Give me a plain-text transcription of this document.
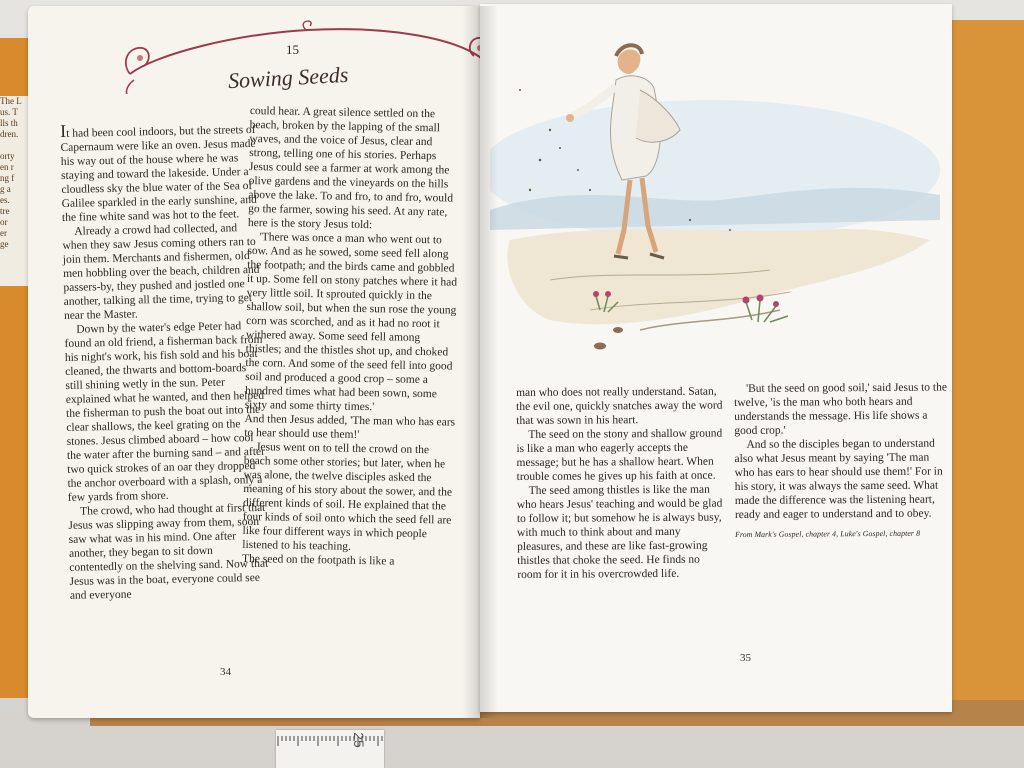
The L
us. T
lls th
dren.

orty
en r
ng f
g a
es.
tre
or
er
ge
15
Sowing Seeds

It had been cool indoors, but the streets of Capernaum were like an oven. Jesus made his way out of the house where he was staying and toward the lakeside. Under a cloudless sky the blue water of the Sea of Galilee sparkled in the early sunshine, and the fine white sand was hot to the feet.

Already a crowd had collected, and when they saw Jesus coming others ran to join them. Merchants and fishermen, old men hobbling over the beach, children and passers-by, they pushed and jostled one another, talking all the time, trying to get near the Master.

Down by the water's edge Peter had found an old friend, a fisherman back from his night's work, his fish sold and his boat cleaned, the thwarts and bottom-boards still shining wetly in the sun. Peter explained what he wanted, and then helped the fisherman to push the boat out into the clear shallows, the keel grating on the stones. Jesus climbed aboard – how cool the water after the burning sand – and after two quick strokes of an oar they dropped the anchor overboard with a splash, only a few yards from shore.

The crowd, who had thought at first that Jesus was slipping away from them, soon saw what was in his mind. One after another, they began to sit down contentedly on the shelving sand. Now that Jesus was in the boat, everyone could see and everyone

could hear. A great silence settled on the beach, broken by the lapping of the small waves, and the voice of Jesus, clear and strong, telling one of his stories. Perhaps Jesus could see a farmer at work among the olive gardens and the vineyards on the hills above the lake. To and fro, to and fro, would go the farmer, sowing his seed. At any rate, here is the story Jesus told:

'There was once a man who went out to sow. And as he sowed, some seed fell along the footpath; and the birds came and gobbled it up. Some fell on stony patches where it had very little soil. It sprouted quickly in the shallow soil, but when the sun rose the young corn was scorched, and as it had no root it withered away. Some seed fell among thistles; and the thistles shot up, and choked the corn. And some of the seed fell into good soil and produced a good crop – some a hundred times what had been sown, some sixty and some thirty times.'

And then Jesus added, 'The man who has ears to hear should use them!'

Jesus went on to tell the crowd on the beach some other stories; but later, when he was alone, the twelve disciples asked the meaning of his story about the sower, and the different kinds of soil. He explained that the four kinds of soil onto which the seed fell are like four different ways in which people listened to his teaching.

The seed on the footpath is like a

34

man who does not really understand. Satan, the evil one, quickly snatches away the word that was sown in his heart.

The seed on the stony and shallow ground is like a man who eagerly accepts the message; but he has a shallow heart. When trouble comes he gives up his faith at once.

The seed among thistles is like the man who hears Jesus' teaching and would be glad to follow it; but somehow he is always busy, with much to think about and many pleasures, and these are like fast-growing thistles that choke the seed. He finds no room for it in his overcrowded life.

'But the seed on good soil,' said Jesus to the twelve, 'is the man who both hears and understands the message. His life shows a good crop.'

And so the disciples began to understand also what Jesus meant by saying 'The man who has ears to hear should use them!' For in his story, it was always the same seed. What made the difference was the listening heart, ready and eager to understand and to obey.

From Mark's Gospel, chapter 4, Luke's Gospel, chapter 8
35
25
